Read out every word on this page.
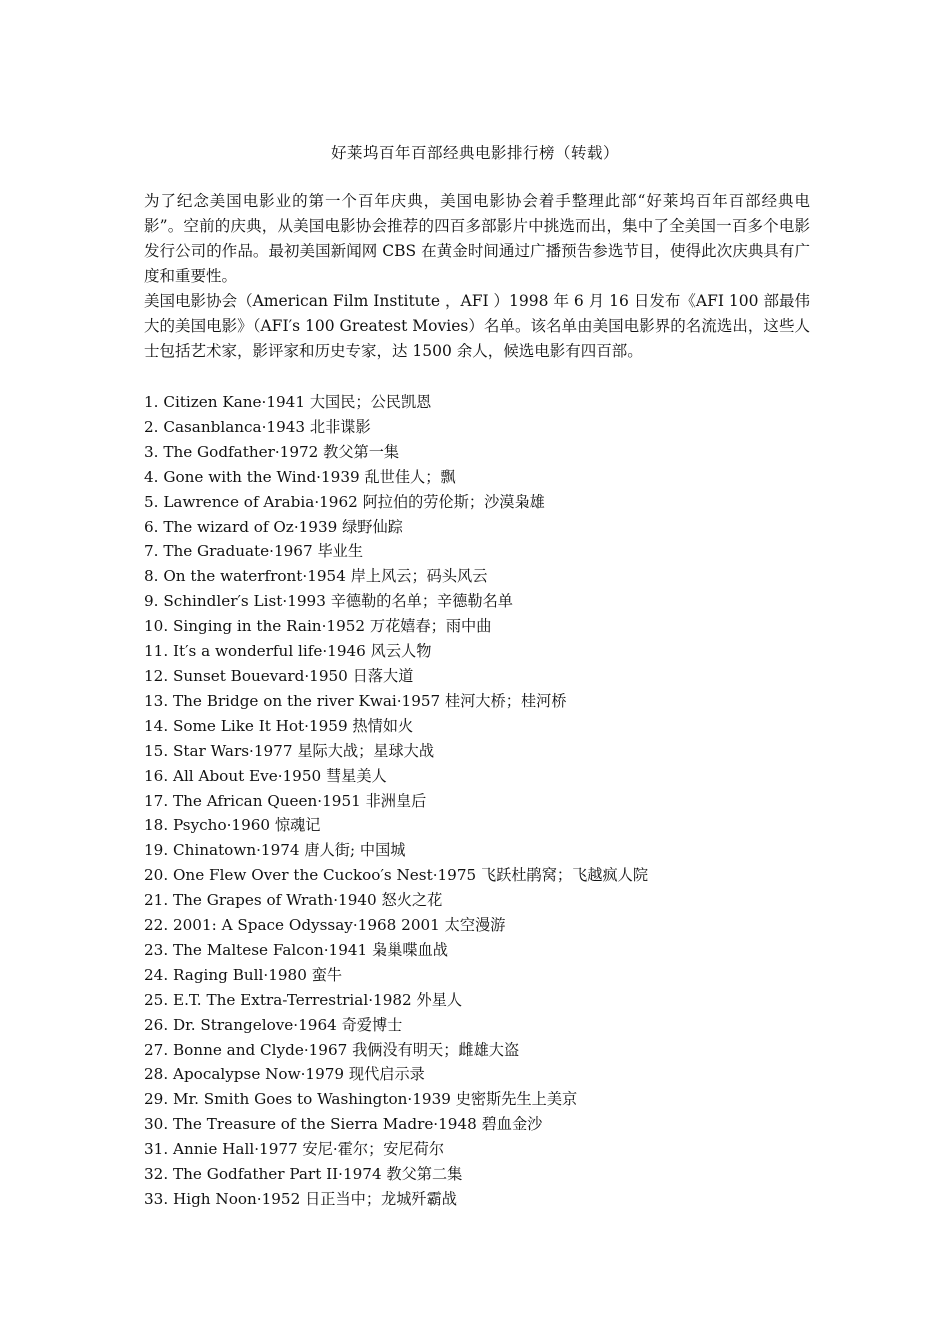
好莱坞百年百部经典电影排行榜（转载）

为了纪念美国电影业的第一个百年庆典，美国电影协会着手整理此部“好莱坞百年百部经典电影”。空前的庆典，从美国电影协会推荐的四百多部影片中挑选而出，集中了全美国一百多个电影发行公司的作品。最初美国新闻网 CBS 在黄金时间通过广播预告参选节目，使得此次庆典具有广度和重要性。

美国电影协会（American Film Institute ，AFI ）1998 年 6 月 16 日发布《AFI 100 部最伟大的美国电影》（AFI′s 100 Greatest Movies）名单。该名单由美国电影界的名流选出，这些人士包括艺术家，影评家和历史专家，达 1500 余人，候选电影有四百部。

1. Citizen Kane·1941 大国民；公民凯恩
2. Casanblanca·1943 北非谍影
3. The Godfather·1972 教父第一集
4. Gone with the Wind·1939 乱世佳人；飘
5. Lawrence of Arabia·1962 阿拉伯的劳伦斯；沙漠枭雄
6. The wizard of Oz·1939 绿野仙踪
7. The Graduate·1967 毕业生
8. On the waterfront·1954 岸上风云；码头风云
9. Schindler′s List·1993 辛德勒的名单；辛德勒名单
10. Singing in the Rain·1952 万花嬉春；雨中曲
11. It′s a wonderful life·1946 风云人物
12. Sunset Bouevard·1950 日落大道
13. The Bridge on the river Kwai·1957 桂河大桥；桂河桥
14. Some Like It Hot·1959 热情如火
15. Star Wars·1977 星际大战；星球大战
16. All About Eve·1950 彗星美人
17. The African Queen·1951 非洲皇后
18. Psycho·1960 惊魂记
19. Chinatown·1974 唐人街; 中国城
20. One Flew Over the Cuckoo′s Nest·1975 飞跃杜鹃窝；飞越疯人院
21. The Grapes of Wrath·1940 怒火之花
22. 2001: A Space Odyssay·1968 2001 太空漫游
23. The Maltese Falcon·1941 枭巢喋血战
24. Raging Bull·1980 蛮牛
25. E.T. The Extra-Terrestrial·1982 外星人
26. Dr. Strangelove·1964 奇爱博士
27. Bonne and Clyde·1967 我俩没有明天；雌雄大盗
28. Apocalypse Now·1979 现代启示录
29. Mr. Smith Goes to Washington·1939 史密斯先生上美京
30. The Treasure of the Sierra Madre·1948 碧血金沙
31. Annie Hall·1977 安尼·霍尔；安尼荷尔
32. The Godfather Part II·1974 教父第二集
33. High Noon·1952 日正当中；龙城歼霸战
